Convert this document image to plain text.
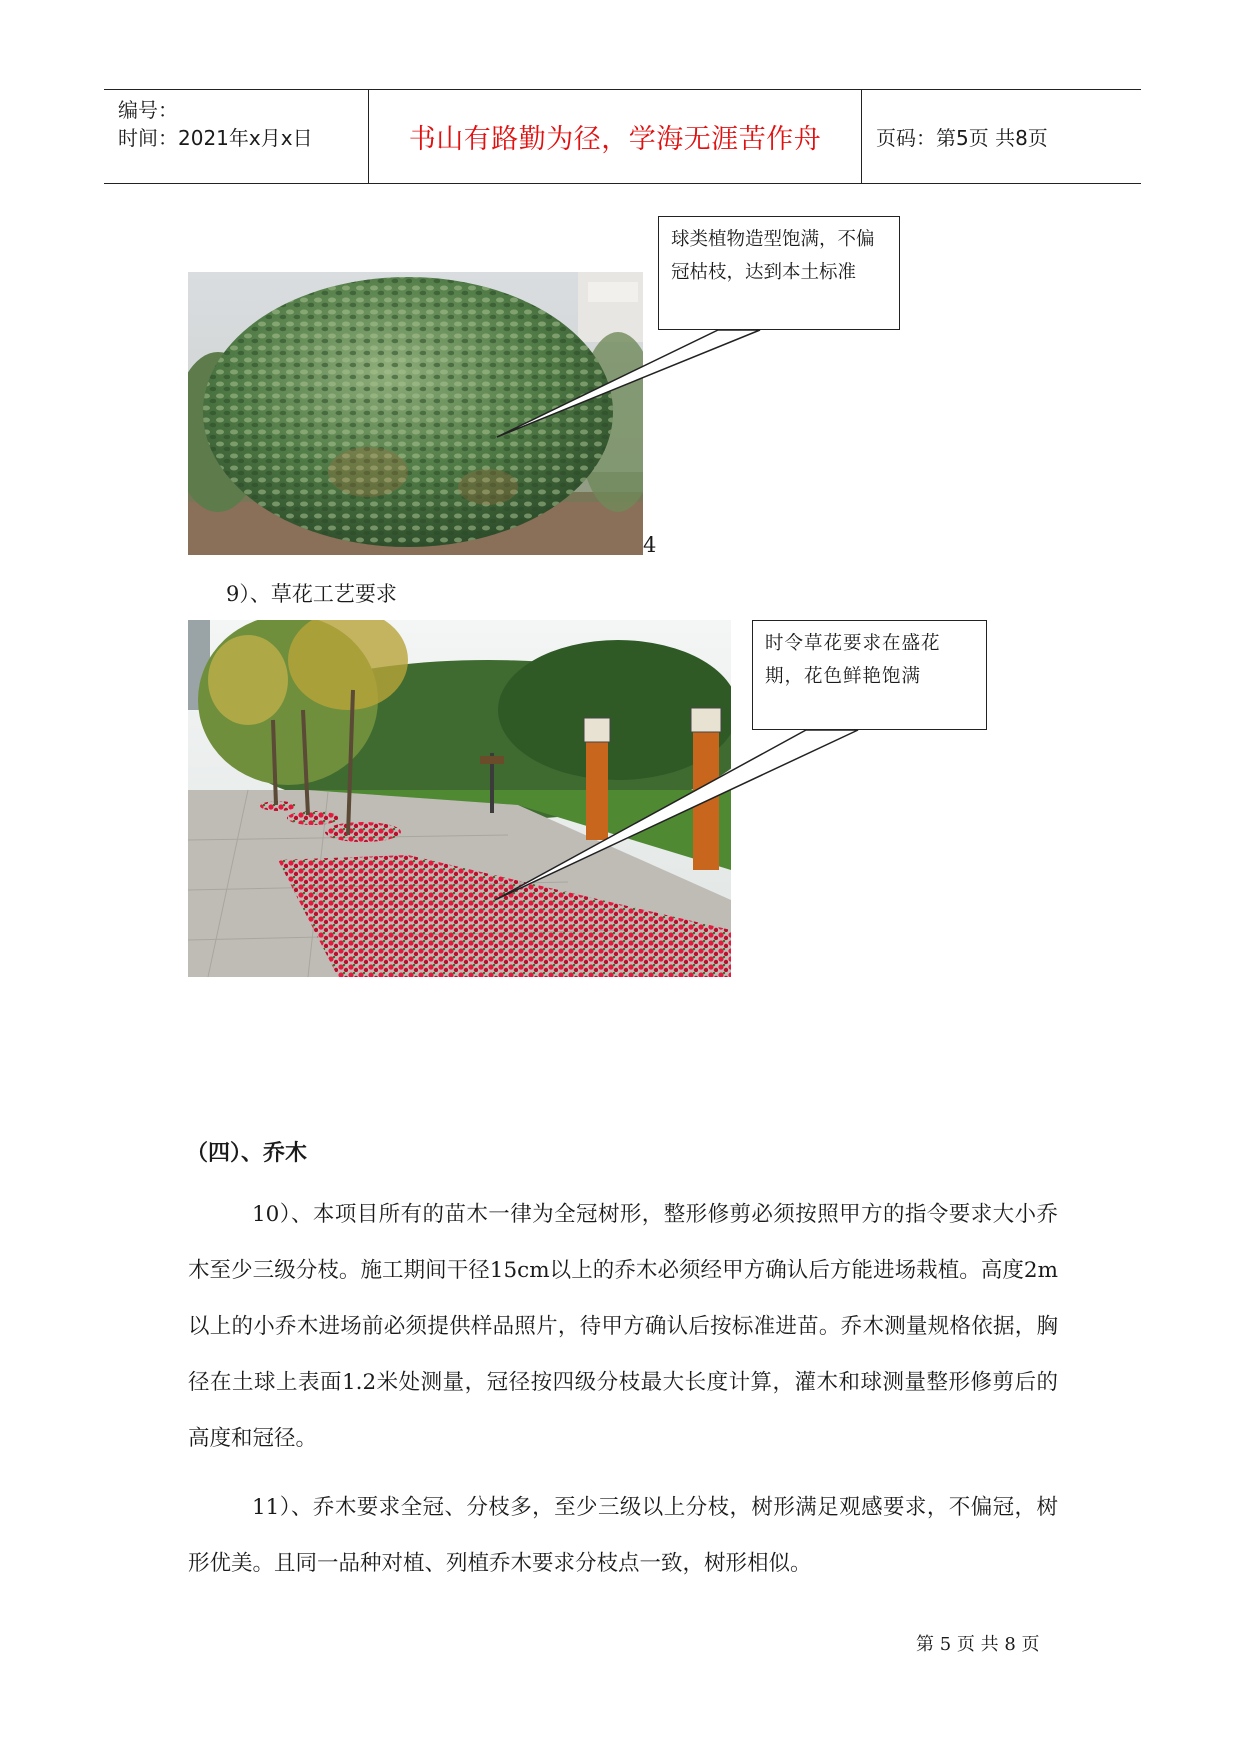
编号：
时间：2021年x月x日	书山有路勤为径，学海无涯苦作舟	页码：第5页 共8页
球类植物造型饱满，不偏冠枯枝，达到本土标准
4
9）、草花工艺要求
时令草花要求在盛花期，花色鲜艳饱满
（四）、乔木
10）、本项目所有的苗木一律为全冠树形，整形修剪必须按照甲方的指令要求大小乔木至少三级分枝。施工期间干径15cm以上的乔木必须经甲方确认后方能进场栽植。高度2m以上的小乔木进场前必须提供样品照片，待甲方确认后按标准进苗。乔木测量规格依据，胸径在土球上表面1.2米处测量，冠径按四级分枝最大长度计算，灌木和球测量整形修剪后的高度和冠径。
11）、乔木要求全冠、分枝多，至少三级以上分枝，树形满足观感要求，不偏冠，树形优美。且同一品种对植、列植乔木要求分枝点一致，树形相似。
第 5 页 共 8 页
